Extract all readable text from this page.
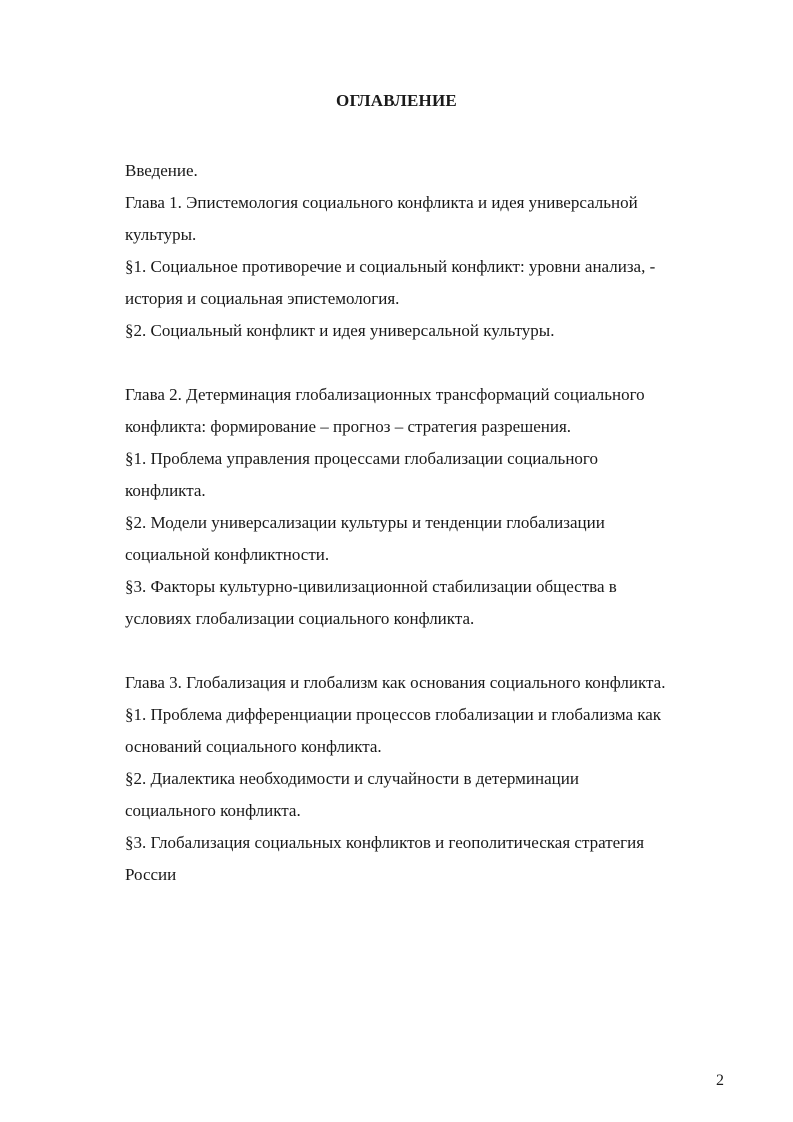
ОГЛАВЛЕНИЕ
Введение.
Глава 1. Эпистемология социального конфликта и идея универсальной
культуры.
§1. Социальное противоречие и социальный конфликт: уровни анализа, -
история и социальная эпистемология.
§2. Социальный конфликт и идея универсальной культуры.
Глава 2. Детерминация глобализационных трансформаций социального
конфликта: формирование – прогноз – стратегия разрешения.
§1. Проблема управления процессами глобализации социального
конфликта.
§2. Модели универсализации культуры и тенденции глобализации
социальной конфликтности.
§3. Факторы культурно-цивилизационной стабилизации общества в
условиях глобализации социального конфликта.
Глава 3. Глобализация и глобализм как основания социального конфликта.
§1. Проблема дифференциации процессов глобализации и глобализма как
оснований социального конфликта.
§2. Диалектика необходимости и случайности в детерминации
социального конфликта.
§3. Глобализация социальных конфликтов и геополитическая стратегия
России
2
